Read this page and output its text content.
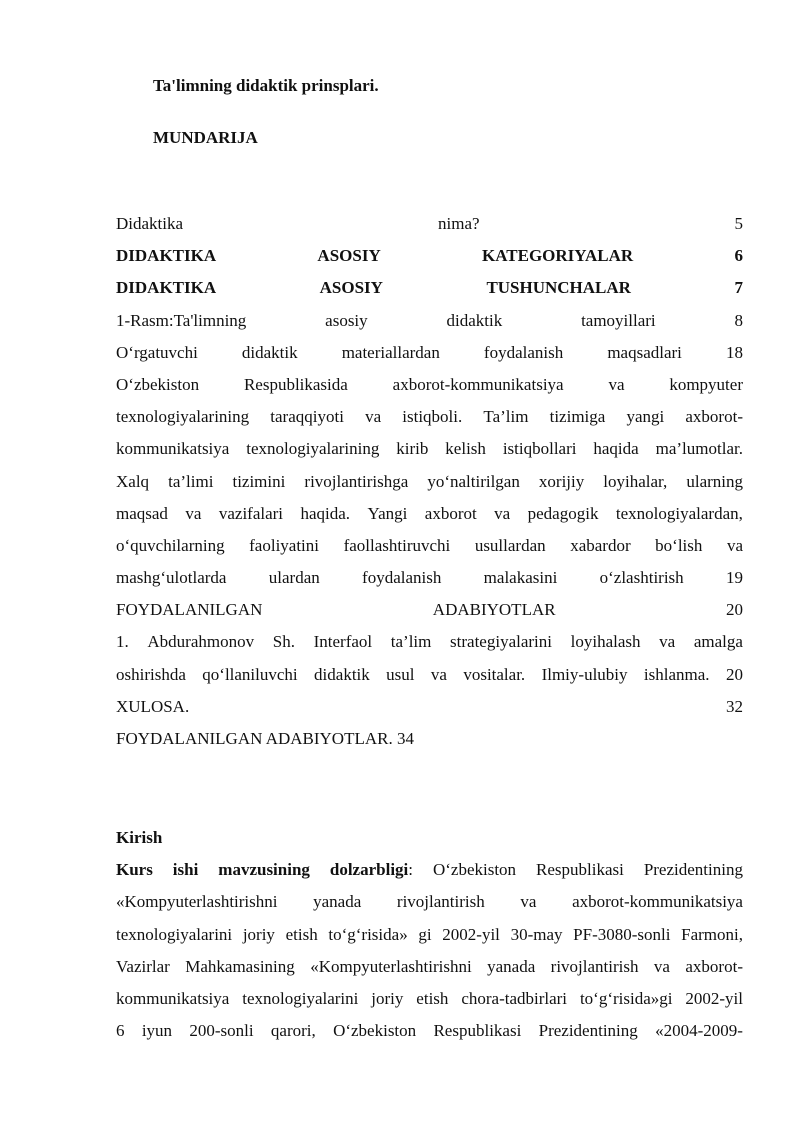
Ta'limning didaktik prinsplari.
MUNDARIJA
Didaktika	nima?	5
DIDAKTIKA	ASOSIY	KATEGORIYALAR	6
DIDAKTIKA	ASOSIY	TUSHUNCHALAR	7
1-Rasm:Ta'limning	asosiy	didaktik	tamoyillari	8
O‘rgatuvchi	didaktik	materiallardan	foydalanish	maqsadlari	18
O‘zbekiston	Respublikasida	axborot-kommunikatsiya	va	kompyuter
texnologiyalarining taraqqiyoti va istiqboli. Ta’lim tizimiga yangi axborot-
kommunikatsiya texnologiyalarining kirib kelish istiqbollari haqida ma’lumotlar.
Xalq ta’limi tizimini rivojlantirishga yo‘naltirilgan xorijiy loyihalar, ularning
maqsad va vazifalari haqida. Yangi axborot va pedagogik texnologiyalardan,
o‘quvchilarning faoliyatini faollashtiruvchi usullardan xabardor bo‘lish va
mashg‘ulotlarda ulardan foydalanish malakasini o‘zlashtirish 19
FOYDALANILGAN	ADABIYOTLAR	20
1. Abdurahmonov Sh. Interfaol ta’lim strategiyalarini loyihalash va amalga
oshirishda qo‘llaniluvchi didaktik usul va vositalar. Ilmiy-ulubiy ishlanma. 20
XULOSA.	32
FOYDALANILGAN ADABIYOTLAR. 34
Kirish
Kurs ishi mavzusining dolzarbligi: O‘zbekiston Respublikasi Prezidentining
«Kompyuterlashtirishni yanada rivojlantirish va axborot-kommunikatsiya
texnologiyalarini joriy etish to‘g‘risida» gi 2002-yil 30-may PF-3080-sonli Farmoni,
Vazirlar Mahkamasining «Kompyuterlashtirishni yanada rivojlantirish va axborot-
kommunikatsiya texnologiyalarini joriy etish chora-tadbirlari to‘g‘risida»gi 2002-yil
6 iyun 200-sonli qarori, O‘zbekiston Respublikasi Prezidentining «2004-2009-
